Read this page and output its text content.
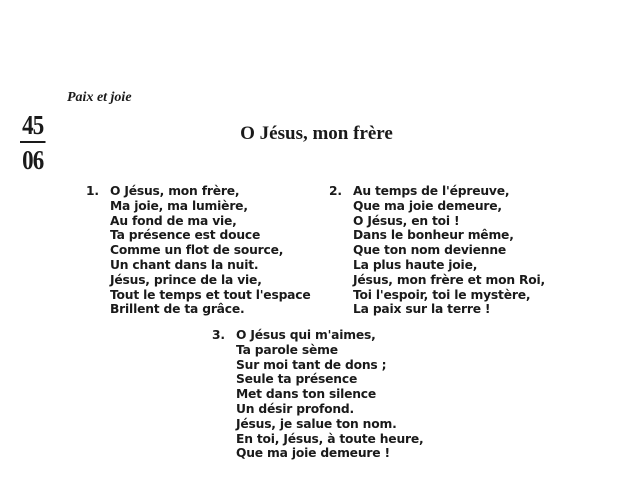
Paix et joie
45
06
O Jésus, mon frère
1. O Jésus, mon frère,
Ma joie, ma lumière,
Au fond de ma vie,
Ta présence est douce
Comme un flot de source,
Un chant dans la nuit.
Jésus, prince de la vie,
Tout le temps et tout l'espace
Brillent de ta grâce.
2. Au temps de l'épreuve,
Que ma joie demeure,
O Jésus, en toi !
Dans le bonheur même,
Que ton nom devienne
La plus haute joie,
Jésus, mon frère et mon Roi,
Toi l'espoir, toi le mystère,
La paix sur la terre !
3. O Jésus qui m'aimes,
Ta parole sème
Sur moi tant de dons ;
Seule ta présence
Met dans ton silence
Un désir profond.
Jésus, je salue ton nom.
En toi, Jésus, à toute heure,
Que ma joie demeure !
